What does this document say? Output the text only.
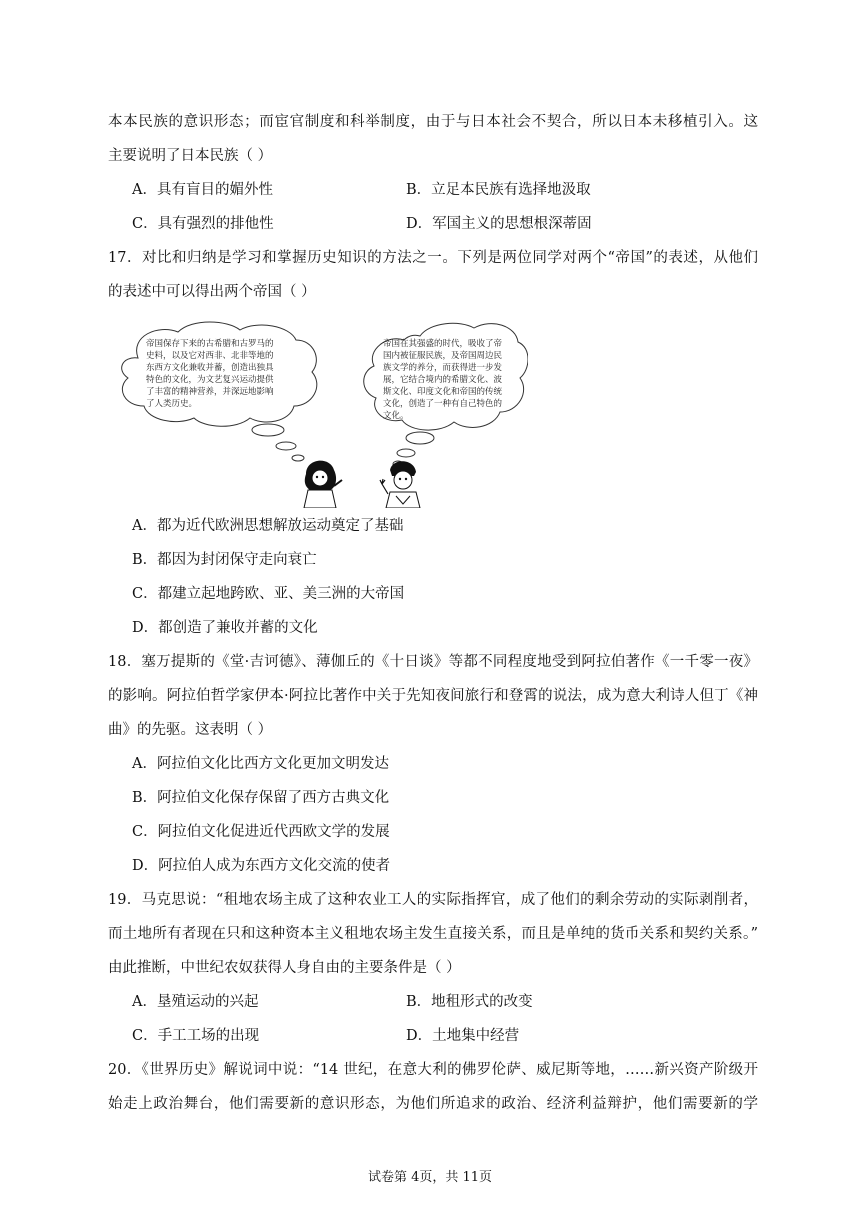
本本民族的意识形态；而宦官制度和科举制度，由于与日本社会不契合，所以日本未移植引入。这
主要说明了日本民族（ ）
A．具有盲目的媚外性	B．立足本民族有选择地汲取
C．具有强烈的排他性	D．军国主义的思想根深蒂固
17．对比和归纳是学习和掌握历史知识的方法之一。下列是两位同学对两个“帝国”的表述，从他们
的表述中可以得出两个帝国（ ）
帝国保存下来的古希腊和古罗马的
史料，以及它对西非、北非等地的
东西方文化兼收并蓄，创造出独具
特色的文化，为文艺复兴运动提供
了丰富的精神营养，并深远地影响
了人类历史。
帝国在其强盛的时代，吸收了帝
国内被征服民族，及帝国周边民
族文学的养分，而获得进一步发
展，它结合境内的希腊文化、波
斯文化、印度文化和帝国的传统
文化，创造了一种有自己特色的
文化。
A．都为近代欧洲思想解放运动奠定了基础
B．都因为封闭保守走向衰亡
C．都建立起地跨欧、亚、美三洲的大帝国
D．都创造了兼收并蓄的文化
18．塞万提斯的《堂·吉诃德》、薄伽丘的《十日谈》等都不同程度地受到阿拉伯著作《一千零一夜》
的影响。阿拉伯哲学家伊本·阿拉比著作中关于先知夜间旅行和登霄的说法，成为意大利诗人但丁《神
曲》的先驱。这表明（ ）
A．阿拉伯文化比西方文化更加文明发达
B．阿拉伯文化保存保留了西方古典文化
C．阿拉伯文化促进近代西欧文学的发展
D．阿拉伯人成为东西方文化交流的使者
19．马克思说：“租地农场主成了这种农业工人的实际指挥官，成了他们的剩余劳动的实际剥削者，
而土地所有者现在只和这种资本主义租地农场主发生直接关系，而且是单纯的货币关系和契约关系。”
由此推断，中世纪农奴获得人身自由的主要条件是（ ）
A．垦殖运动的兴起	B．地租形式的改变
C．手工工场的出现	D．土地集中经营
20．《世界历史》解说词中说：“14 世纪，在意大利的佛罗伦萨、威尼斯等地，……新兴资产阶级开
始走上政治舞台，他们需要新的意识形态，为他们所追求的政治、经济利益辩护，他们需要新的学
试卷第 4页，共 11页
